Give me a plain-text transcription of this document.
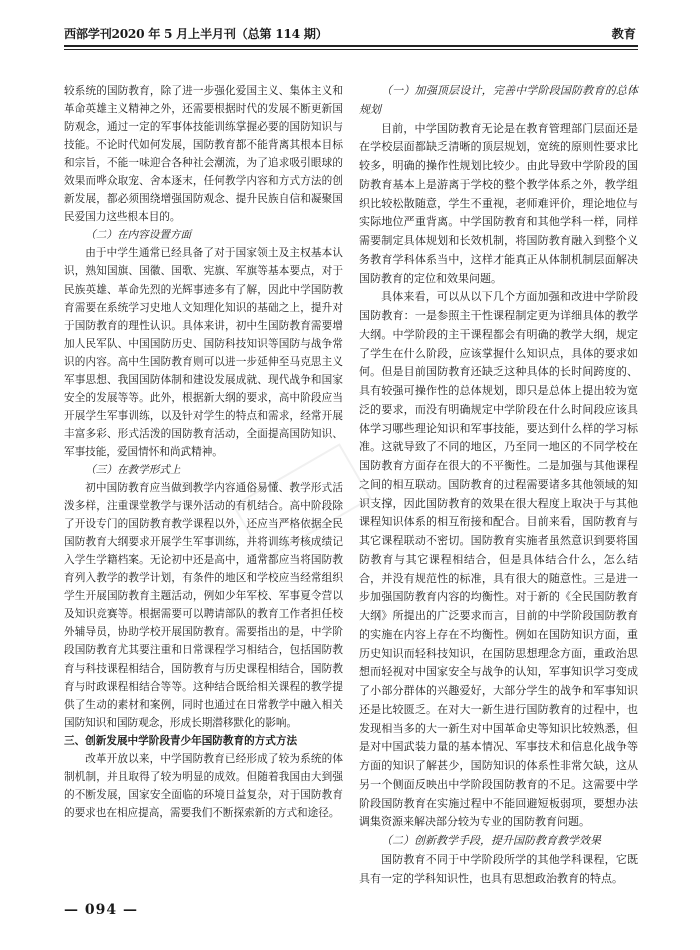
西部学刊2020 年 5 月上半月刊（总第 114 期）	教育

较系统的国防教育，除了进一步强化爱国主义、集体主义和革命英雄主义精神之外，还需要根据时代的发展不断更新国防观念，通过一定的军事体技能训练掌握必要的国防知识与技能。不论时代如何发展，国防教育都不能背离其根本目标和宗旨，不能一味迎合各种社会潮流，为了追求吸引眼球的效果而哗众取宠、舍本逐末，任何教学内容和方式方法的创新发展，都必须围绕增强国防观念、提升民族自信和凝聚国民爱国力这些根本目的。

（二）在内容设置方面

由于中学生通常已经具备了对于国家领土及主权基本认识，熟知国旗、国徽、国歌、宪旗、军旗等基本要点，对于民族英雄、革命先烈的光辉事迹多有了解，因此中学国防教育需要在系统学习史地人文知理化知识的基础之上，提升对于国防教育的理性认识。具体来讲，初中生国防教育需要增加人民军队、中国国防历史、国防科技知识等国防与战争常识的内容。高中生国防教育则可以进一步延伸至马克思主义军事思想、我国国防体制和建设发展成就、现代战争和国家安全的发展等等。此外，根据新大纲的要求，高中阶段应当开展学生军事训练，以及针对学生的特点和需求，经常开展丰富多彩、形式活泼的国防教育活动，全面提高国防知识、军事技能，爱国情怀和尚武精神。

（三）在教学形式上

初中国防教育应当做到教学内容通俗易懂、教学形式活泼多样，注重课堂教学与课外活动的有机结合。高中阶段除了开设专门的国防教育教学课程以外，还应当严格依据全民国防教育大纲要求开展学生军事训练，并将训练考核成绩记入学生学籍档案。无论初中还是高中，通常都应当将国防教育列入教学的教学计划，有条件的地区和学校应当经常组织学生开展国防教育主题活动，例如少年军校、军事夏令营以及知识竞赛等。根据需要可以聘请部队的教育工作者担任校外辅导员，协助学校开展国防教育。需要指出的是，中学阶段国防教育尤其要注重和日常课程学习相结合，包括国防教育与科技课程相结合，国防教育与历史课程相结合，国防教育与时政课程相结合等等。这种结合既给相关课程的教学提供了生动的素材和案例，同时也通过在日常教学中融入相关国防知识和国防观念，形成长期潜移默化的影响。

三、创新发展中学阶段青少年国防教育的方式方法

改革开放以来，中学国防教育已经形成了较为系统的体制机制，并且取得了较为明显的成效。但随着我国由大到强的不断发展，国家安全面临的环境日益复杂，对于国防教育的要求也在相应提高，需要我们不断探索新的方式和途径。

（一）加强顶层设计，完善中学阶段国防教育的总体规划

目前，中学国防教育无论是在教育管理部门层面还是在学校层面都缺乏清晰的顶层规划，宽统的原则性要求比较多，明确的操作性规划比较少。由此导致中学阶段的国防教育基本上是游离于学校的整个教学体系之外，教学组织比较松散随意，学生不重视，老师难评价，理论地位与实际地位严重背离。中学国防教育和其他学科一样，同样需要制定具体规划和长效机制，将国防教育融入到整个义务教育学科体系当中，这样才能真正从体制机制层面解决国防教育的定位和效果问题。

具体来看，可以从以下几个方面加强和改进中学阶段国防教育：一是参照主干性课程制定更为详细具体的教学大纲。中学阶段的主干课程都会有明确的教学大纲，规定了学生在什么阶段，应该掌握什么知识点，具体的要求如何。但是目前国防教育还缺乏这种具体的长时间跨度的、具有较强可操作性的总体规划，即只是总体上提出较为宽泛的要求，而没有明确规定中学阶段在什么时间段应该具体学习哪些理论知识和军事技能，要达到什么样的学习标准。这就导致了不同的地区，乃至同一地区的不同学校在国防教育方面存在很大的不平衡性。二是加强与其他课程之间的相互联动。国防教育的过程需要诸多其他领域的知识支撑，因此国防教育的效果在很大程度上取决于与其他课程知识体系的相互衔接和配合。目前来看，国防教育与其它课程联动不密切。国防教育实施者虽然意识到要将国防教育与其它课程相结合，但是具体结合什么，怎么结合，并没有规范性的标准，具有很大的随意性。三是进一步加强国防教育内容的均衡性。对于新的《全民国防教育大纲》所提出的广泛要求而言，目前的中学阶段国防教育的实施在内容上存在不均衡性。例如在国防知识方面，重历史知识而轻科技知识，在国防思想理念方面，重政治思想而轻视对中国家安全与战争的认知，军事知识学习变成了小部分群体的兴趣爱好，大部分学生的战争和军事知识还是比较匮乏。在对大一新生进行国防教育的过程中，也发现相当多的大一新生对中国革命史等知识比较熟悉，但是对中国武装力量的基本情况、军事技术和信息化战争等方面的知识了解甚少，国防知识的体系性非常欠缺，这从另一个侧面反映出中学阶段国防教育的不足。这需要中学阶段国防教育在实施过程中不能回避短板弱项，要想办法调集资源来解决部分较为专业的国防教育问题。

（二）创新教学手段，提升国防教育教学效果

国防教育不同于中学阶段所学的其他学科课程，它既具有一定的学科知识性，也具有思想政治教育的特点。

— 094 —
